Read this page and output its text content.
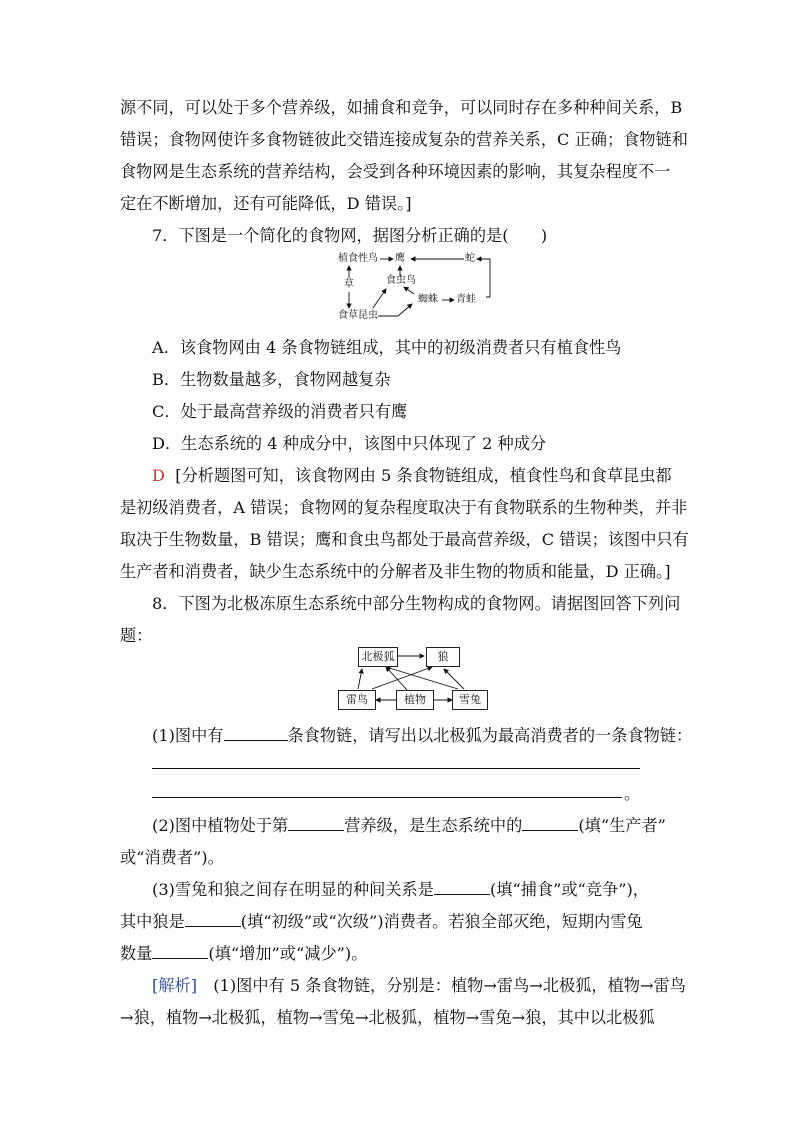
源不同，可以处于多个营养级，如捕食和竞争，可以同时存在多种种间关系，B
错误；食物网使许多食物链彼此交错连接成复杂的营养关系，C 正确；食物链和
食物网是生态系统的营养结构，会受到各种环境因素的影响，其复杂程度不一
定在不断增加，还有可能降低，D 错误。]
7．下图是一个简化的食物网，据图分析正确的是(　　)
植食性鸟 鹰	蛇
草	食虫鸟
蜘蛛 青蛙
食草昆虫
A．该食物网由 4 条食物链组成，其中的初级消费者只有植食性鸟
B．生物数量越多，食物网越复杂
C．处于最高营养级的消费者只有鹰
D．生态系统的 4 种成分中，该图中只体现了 2 种成分
D [分析题图可知，该食物网由 5 条食物链组成，植食性鸟和食草昆虫都
是初级消费者，A 错误；食物网的复杂程度取决于有食物联系的生物种类，并非
取决于生物数量，B 错误；鹰和食虫鸟都处于最高营养级，C 错误；该图中只有
生产者和消费者，缺少生态系统中的分解者及非生物的物质和能量，D 正确。]
8．下图为北极冻原生态系统中部分生物构成的食物网。请据图回答下列问
题：
北极狐	狼
雷鸟	植物	雪兔
(1)图中有	条食物链，请写出以北极狐为最高消费者的一条食物链：
。
(2)图中植物处于第	营养级，是生态系统中的	(填“生产者”
或“消费者”)。
(3)雪兔和狼之间存在明显的种间关系是	(填“捕食”或“竞争”)，
其中狼是	(填“初级”或“次级”)消费者。若狼全部灭绝，短期内雪兔
数量	(填“增加”或“减少”)。
[解析]　(1)图中有 5 条食物链，分别是：植物→雷鸟→北极狐，植物→雷鸟
→狼，植物→北极狐，植物→雪兔→北极狐，植物→雪兔→狼，其中以北极狐
